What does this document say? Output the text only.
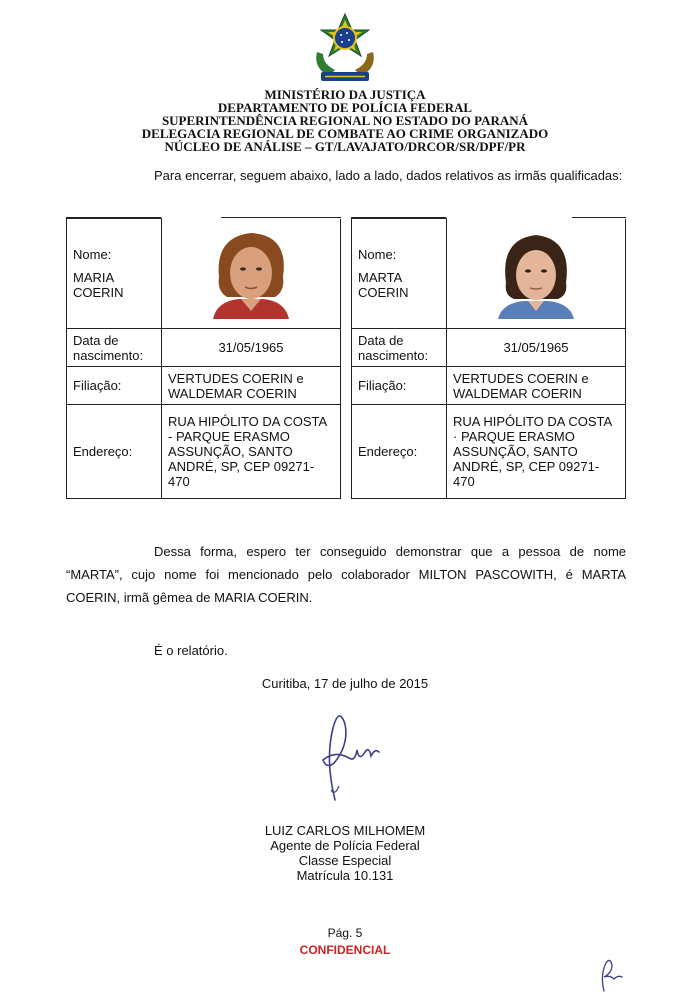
MINISTÉRIO DA JUSTIÇA
DEPARTAMENTO DE POLÍCIA FEDERAL
SUPERINTENDÊNCIA REGIONAL NO ESTADO DO PARANÁ
DELEGACIA REGIONAL DE COMBATE AO CRIME ORGANIZADO
NÚCLEO DE ANÁLISE – GT/LAVAJATO/DRCOR/SR/DPF/PR
Para encerrar, seguem abaixo, lado a lado, dados relativos as irmãs qualificadas:
Nome:
MARIA COERIN

Data de nascimento:	31/05/1965
Filiação:	VERTUDES COERIN e WALDEMAR COERIN
Endereço:	RUA HIPÓLITO DA COSTA - PARQUE ERASMO ASSUNÇÃO, SANTO ANDRÉ, SP, CEP 09271-470
Nome:
MARTA COERIN

Data de nascimento:	31/05/1965
Filiação:	VERTUDES COERIN e WALDEMAR COERIN
Endereço:	RUA HIPÓLITO DA COSTA · PARQUE ERASMO ASSUNÇÃO, SANTO ANDRÉ, SP, CEP 09271-470
Dessa forma, espero ter conseguido demonstrar que a pessoa de nome “MARTA”, cujo nome foi mencionado pelo colaborador MILTON PASCOWITH, é MARTA COERIN, irmã gêmea de MARIA COERIN.
É o relatório.
Curitiba, 17 de julho de 2015
LUIZ CARLOS MILHOMEM
Agente de Polícia Federal
Classe Especial
Matrícula 10.131
Pág. 5
CONFIDENCIAL
